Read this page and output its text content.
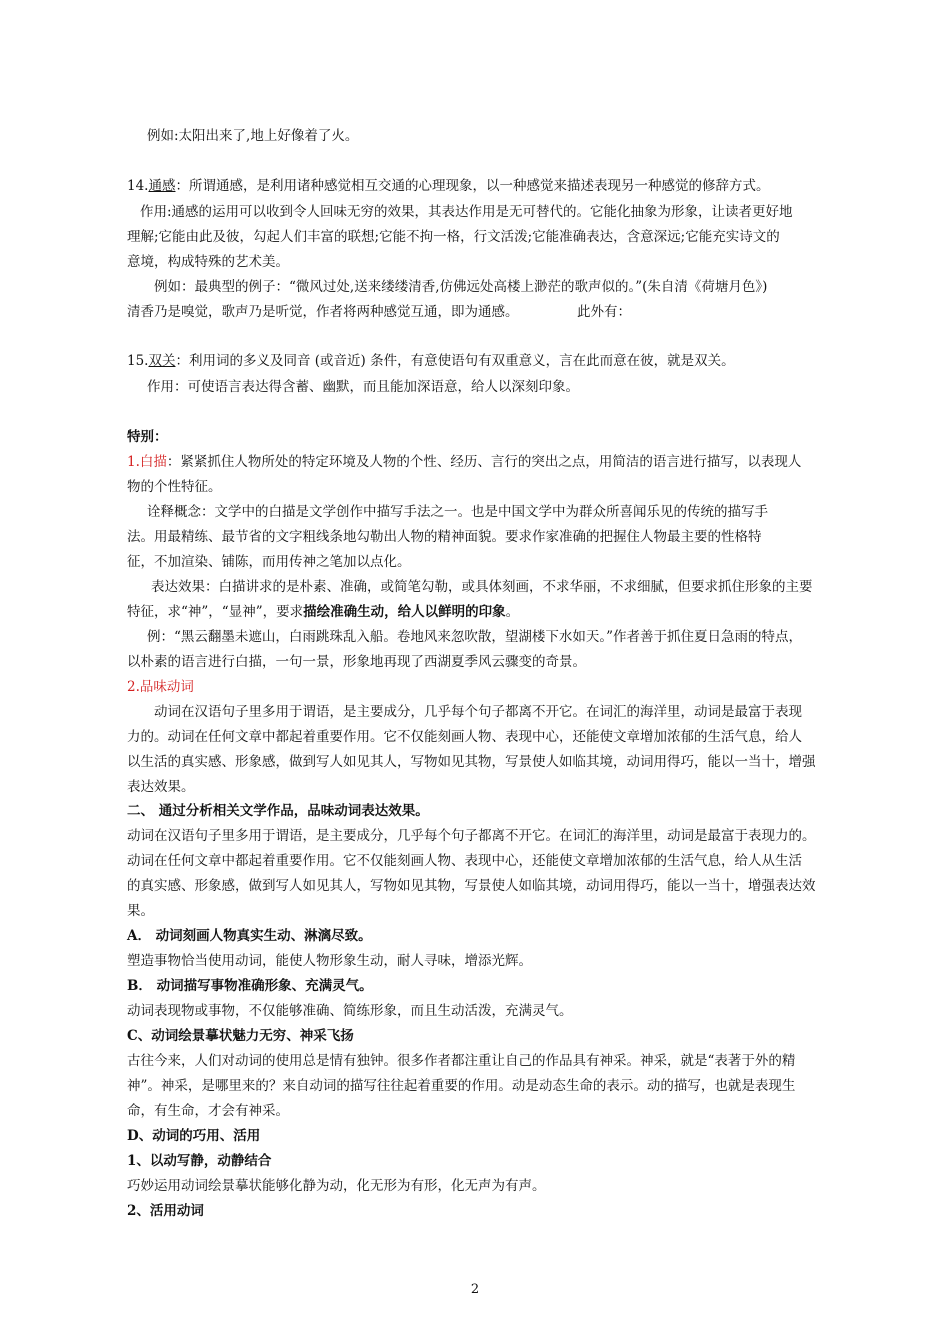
例如:太阳出来了,地上好像着了火。
14.通感：所谓通感，是利用诸种感觉相互交通的心理现象，以一种感觉来描述表现另一种感觉的修辞方式。
作用:通感的运用可以收到令人回味无穷的效果，其表达作用是无可替代的。它能化抽象为形象，让读者更好地
理解;它能由此及彼，勾起人们丰富的联想;它能不拘一格，行文活泼;它能准确表达，含意深远;它能充实诗文的
意境，构成特殊的艺术美。
例如：最典型的例子：“微风过处,送来缕缕清香,仿佛远处高楼上渺茫的歌声似的。”(朱自清《荷塘月色》)
清香乃是嗅觉，歌声乃是听觉，作者将两种感觉互通，即为通感。	此外有：
15.双关：利用词的多义及同音 (或音近) 条件，有意使语句有双重意义，言在此而意在彼，就是双关。
作用：可使语言表达得含蓄、幽默，而且能加深语意，给人以深刻印象。
特别：
1.白描：紧紧抓住人物所处的特定环境及人物的个性、经历、言行的突出之点，用简洁的语言进行描写，以表现人
物的个性特征。
诠释概念：文学中的白描是文学创作中描写手法之一。也是中国文学中为群众所喜闻乐见的传统的描写手
法。用最精练、最节省的文字粗线条地勾勒出人物的精神面貌。要求作家准确的把握住人物最主要的性格特
征，不加渲染、铺陈，而用传神之笔加以点化。
表达效果：白描讲求的是朴素、准确，或简笔勾勒，或具体刻画，不求华丽，不求细腻，但要求抓住形象的主要
特征，求“神”，“显神”，要求描绘准确生动，给人以鲜明的印象。
例：“黑云翻墨未遮山，白雨跳珠乱入船。卷地风来忽吹散，望湖楼下水如天。”作者善于抓住夏日急雨的特点，
以朴素的语言进行白描，一句一景，形象地再现了西湖夏季风云骤变的奇景。
2.品味动词
动词在汉语句子里多用于谓语，是主要成分，几乎每个句子都离不开它。在词汇的海洋里，动词是最富于表现
力的。动词在任何文章中都起着重要作用。它不仅能刻画人物、表现中心，还能使文章增加浓郁的生活气息，给人
以生活的真实感、形象感，做到写人如见其人，写物如见其物，写景使人如临其境，动词用得巧，能以一当十，增强
表达效果。
二、 通过分析相关文学作品，品味动词表达效果。
动词在汉语句子里多用于谓语，是主要成分，几乎每个句子都离不开它。在词汇的海洋里，动词是最富于表现力的。
动词在任何文章中都起着重要作用。它不仅能刻画人物、表现中心，还能使文章增加浓郁的生活气息，给人从生活
的真实感、形象感，做到写人如见其人，写物如见其物，写景使人如临其境，动词用得巧，能以一当十，增强表达效
果。
A． 动词刻画人物真实生动、淋漓尽致。
塑造事物恰当使用动词，能使人物形象生动，耐人寻味，增添光辉。
B． 动词描写事物准确形象、充满灵气。
动词表现物或事物，不仅能够准确、简练形象，而且生动活泼，充满灵气。
C、动词绘景摹状魅力无穷、神采飞扬
古往今来，人们对动词的使用总是情有独钟。很多作者都注重让自己的作品具有神采。神采，就是“表著于外的精
神”。神采，是哪里来的？来自动词的描写往往起着重要的作用。动是动态生命的表示。动的描写，也就是表现生
命，有生命，才会有神采。
D、动词的巧用、活用
1、以动写静，动静结合
巧妙运用动词绘景摹状能够化静为动，化无形为有形，化无声为有声。
2、活用动词
2
